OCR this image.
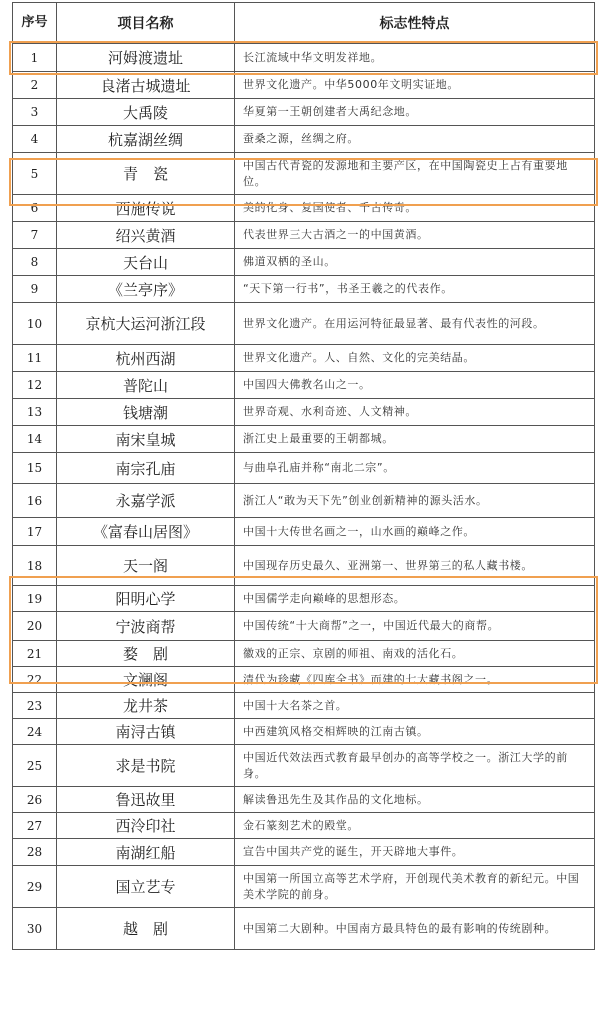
序号	项目名称	标志性特点
1	河姆渡遗址	长江流域中华文明发祥地。
2	良渚古城遗址	世界文化遗产。中华5000年文明实证地。
3	大禹陵	华夏第一王朝创建者大禹纪念地。
4	杭嘉湖丝绸	蚕桑之源，丝绸之府。
5	青　瓷	中国古代青瓷的发源地和主要产区，在中国陶瓷史上占有重要地位。
6	西施传说	美的化身、复国使者、千古传奇。
7	绍兴黄酒	代表世界三大古酒之一的中国黄酒。
8	天台山	佛道双栖的圣山。
9	《兰亭序》	“天下第一行书”，书圣王羲之的代表作。
10	京杭大运河浙江段	世界文化遗产。在用运河特征最显著、最有代表性的河段。
11	杭州西湖	世界文化遗产。人、自然、文化的完美结晶。
12	普陀山	中国四大佛教名山之一。
13	钱塘潮	世界奇观、水利奇迹、人文精神。
14	南宋皇城	浙江史上最重要的王朝都城。
15	南宗孔庙	与曲阜孔庙并称“南北二宗”。
16	永嘉学派	浙江人“敢为天下先”创业创新精神的源头活水。
17	《富春山居图》	中国十大传世名画之一，山水画的巅峰之作。
18	天一阁	中国现存历史最久、亚洲第一、世界第三的私人藏书楼。
19	阳明心学	中国儒学走向巅峰的思想形态。
20	宁波商帮	中国传统“十大商帮”之一，中国近代最大的商帮。
21	婺　剧	徽戏的正宗、京剧的师祖、南戏的活化石。
22	文澜阁	清代为珍藏《四库全书》而建的七大藏书阁之一。
23	龙井茶	中国十大名茶之首。
24	南浔古镇	中西建筑风格交相辉映的江南古镇。
25	求是书院	中国近代效法西式教育最早创办的高等学校之一。浙江大学的前身。
26	鲁迅故里	解读鲁迅先生及其作品的文化地标。
27	西泠印社	金石篆刻艺术的殿堂。
28	南湖红船	宣告中国共产党的诞生，开天辟地大事件。
29	国立艺专	中国第一所国立高等艺术学府，开创现代美术教育的新纪元。中国美术学院的前身。
30	越　剧	中国第二大剧种。中国南方最具特色的最有影响的传统剧种。
